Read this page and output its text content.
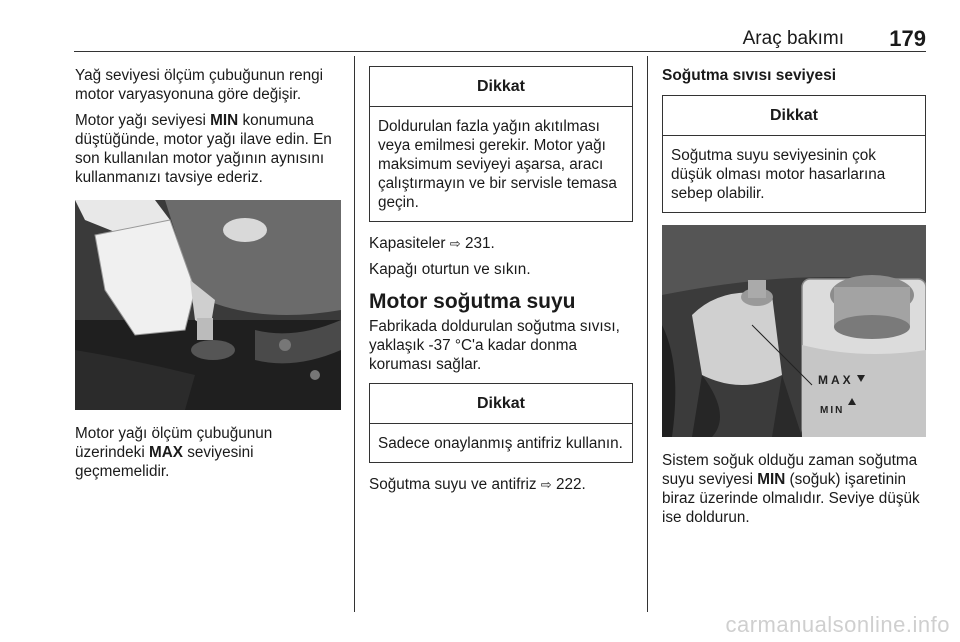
Araç bakımı 179

Yağ seviyesi ölçüm çubuğunun rengi motor varyasyonuna göre değişir.

Motor yağı seviyesi MIN konumuna düştüğünde, motor yağı ilave edin. En son kullanılan motor yağının aynısını kullanmanızı tavsiye ederiz.

Motor yağı ölçüm çubuğunun üzerindeki MAX seviyesini geçmemelidir.

Dikkat
Doldurulan fazla yağın akıtılması veya emilmesi gerekir. Motor yağı maksimum seviyeyi aşarsa, aracı çalıştırmayın ve bir servisle temasa geçin.

Kapasiteler ⇨ 231.

Kapağı oturtun ve sıkın.

Motor soğutma suyu

Fabrikada doldurulan soğutma sıvısı, yaklaşık -37 °C'a kadar donma koruması sağlar.

Dikkat
Sadece onaylanmış antifriz kullanın.

Soğutma suyu ve antifriz ⇨ 222.

Soğutma sıvısı seviyesi
Dikkat
Soğutma suyu seviyesinin çok düşük olması motor hasarlarına sebep olabilir.
MAX
MIN

Sistem soğuk olduğu zaman soğutma suyu seviyesi MIN (soğuk) işaretinin biraz üzerinde olmalıdır. Seviye düşük ise doldurun.

carmanualsonline.info
